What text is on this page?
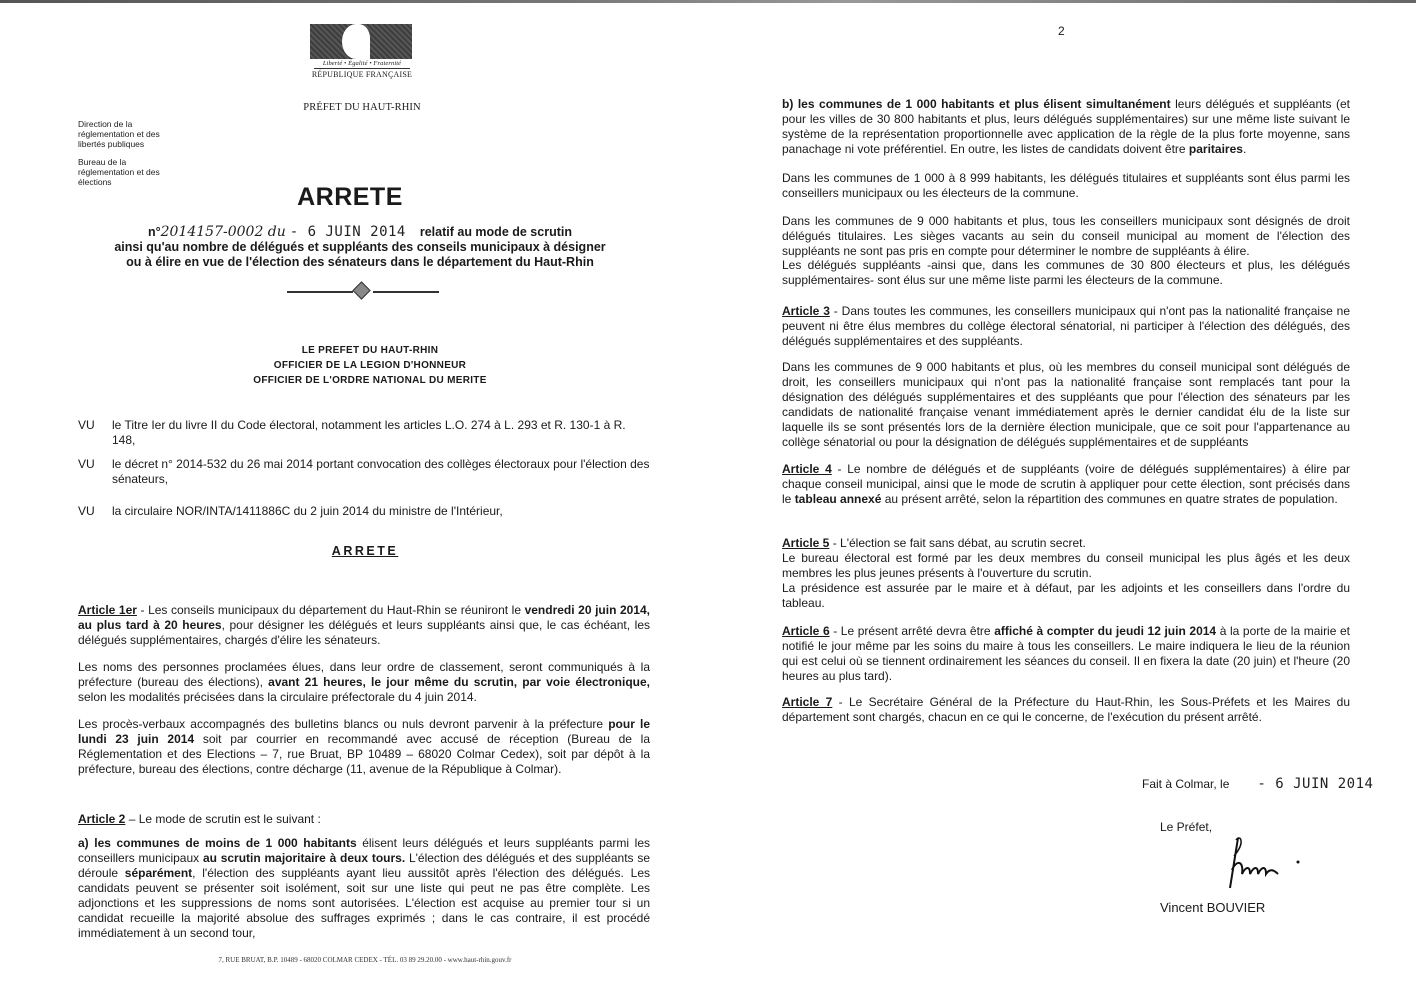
Liberté • Égalité • Fraternité
RÉPUBLIQUE FRANÇAISE
PRÉFET DU HAUT-RHIN
Direction de la réglementation et des libertés publiques
Bureau de la réglementation et des élections
ARRETE
n°2014157-0002 du - 6 JUIN 2014 relatif au mode de scrutin
ainsi qu'au nombre de délégués et suppléants des conseils municipaux à désigner
ou à élire en vue de l'élection des sénateurs dans le département du Haut-Rhin
LE PREFET DU HAUT-RHIN
OFFICIER DE LA LEGION D'HONNEUR
OFFICIER DE L'ORDRE NATIONAL DU MERITE
VU le Titre Ier du livre II du Code électoral, notamment les articles L.O. 274 à L. 293 et R. 130-1 à R. 148,
VU le décret n° 2014-532 du 26 mai 2014 portant convocation des collèges électoraux pour l'élection des sénateurs,
VU la circulaire NOR/INTA/1411886C du 2 juin 2014 du ministre de l'Intérieur,
ARRETE
Article 1er - Les conseils municipaux du département du Haut-Rhin se réuniront le vendredi 20 juin 2014, au plus tard à 20 heures, pour désigner les délégués et leurs suppléants ainsi que, le cas échéant, les délégués supplémentaires, chargés d'élire les sénateurs.
Les noms des personnes proclamées élues, dans leur ordre de classement, seront communiqués à la préfecture (bureau des élections), avant 21 heures, le jour même du scrutin, par voie électronique, selon les modalités précisées dans la circulaire préfectorale du 4 juin 2014.
Les procès-verbaux accompagnés des bulletins blancs ou nuls devront parvenir à la préfecture pour le lundi 23 juin 2014 soit par courrier en recommandé avec accusé de réception (Bureau de la Réglementation et des Elections – 7, rue Bruat, BP 10489 – 68020 Colmar Cedex), soit par dépôt à la préfecture, bureau des élections, contre décharge (11, avenue de la République à Colmar).
Article 2 – Le mode de scrutin est le suivant :
a) les communes de moins de 1 000 habitants élisent leurs délégués et leurs suppléants parmi les conseillers municipaux au scrutin majoritaire à deux tours. L'élection des délégués et des suppléants se déroule séparément, l'élection des suppléants ayant lieu aussitôt après l'élection des délégués. Les candidats peuvent se présenter soit isolément, soit sur une liste qui peut ne pas être complète. Les adjonctions et les suppressions de noms sont autorisées. L'élection est acquise au premier tour si un candidat recueille la majorité absolue des suffrages exprimés ; dans le cas contraire, il est procédé immédiatement à un second tour,
7, RUE BRUAT, B.P. 10489 - 68020 COLMAR CEDEX - TÉL. 03 89 29.20.00 - www.haut-rhin.gouv.fr
2
b) les communes de 1 000 habitants et plus élisent simultanément leurs délégués et suppléants (et pour les villes de 30 800 habitants et plus, leurs délégués supplémentaires) sur une même liste suivant le système de la représentation proportionnelle avec application de la règle de la plus forte moyenne, sans panachage ni vote préférentiel. En outre, les listes de candidats doivent être paritaires.
Dans les communes de 1 000 à 8 999 habitants, les délégués titulaires et suppléants sont élus parmi les conseillers municipaux ou les électeurs de la commune.
Dans les communes de 9 000 habitants et plus, tous les conseillers municipaux sont désignés de droit délégués titulaires. Les sièges vacants au sein du conseil municipal au moment de l'élection des suppléants ne sont pas pris en compte pour déterminer le nombre de suppléants à élire.
Les délégués suppléants -ainsi que, dans les communes de 30 800 électeurs et plus, les délégués supplémentaires- sont élus sur une même liste parmi les électeurs de la commune.
Article 3 - Dans toutes les communes, les conseillers municipaux qui n'ont pas la nationalité française ne peuvent ni être élus membres du collège électoral sénatorial, ni participer à l'élection des délégués, des délégués supplémentaires et des suppléants.
Dans les communes de 9 000 habitants et plus, où les membres du conseil municipal sont délégués de droit, les conseillers municipaux qui n'ont pas la nationalité française sont remplacés tant pour la désignation des délégués supplémentaires et des suppléants que pour l'élection des sénateurs par les candidats de nationalité française venant immédiatement après le dernier candidat élu de la liste sur laquelle ils se sont présentés lors de la dernière élection municipale, que ce soit pour l'appartenance au collège sénatorial ou pour la désignation de délégués supplémentaires et de suppléants
Article 4 - Le nombre de délégués et de suppléants (voire de délégués supplémentaires) à élire par chaque conseil municipal, ainsi que le mode de scrutin à appliquer pour cette élection, sont précisés dans le tableau annexé au présent arrêté, selon la répartition des communes en quatre strates de population.
Article 5 - L'élection se fait sans débat, au scrutin secret.
Le bureau électoral est formé par les deux membres du conseil municipal les plus âgés et les deux membres les plus jeunes présents à l'ouverture du scrutin.
La présidence est assurée par le maire et à défaut, par les adjoints et les conseillers dans l'ordre du tableau.
Article 6 - Le présent arrêté devra être affiché à compter du jeudi 12 juin 2014 à la porte de la mairie et notifié le jour même par les soins du maire à tous les conseillers. Le maire indiquera le lieu de la réunion qui est celui où se tiennent ordinairement les séances du conseil. Il en fixera la date (20 juin) et l'heure (20 heures au plus tard).
Article 7 - Le Secrétaire Général de la Préfecture du Haut-Rhin, les Sous-Préfets et les Maires du département sont chargés, chacun en ce qui le concerne, de l'exécution du présent arrêté.
Fait à Colmar, le - 6 JUIN 2014
Le Préfet,
Vincent BOUVIER
